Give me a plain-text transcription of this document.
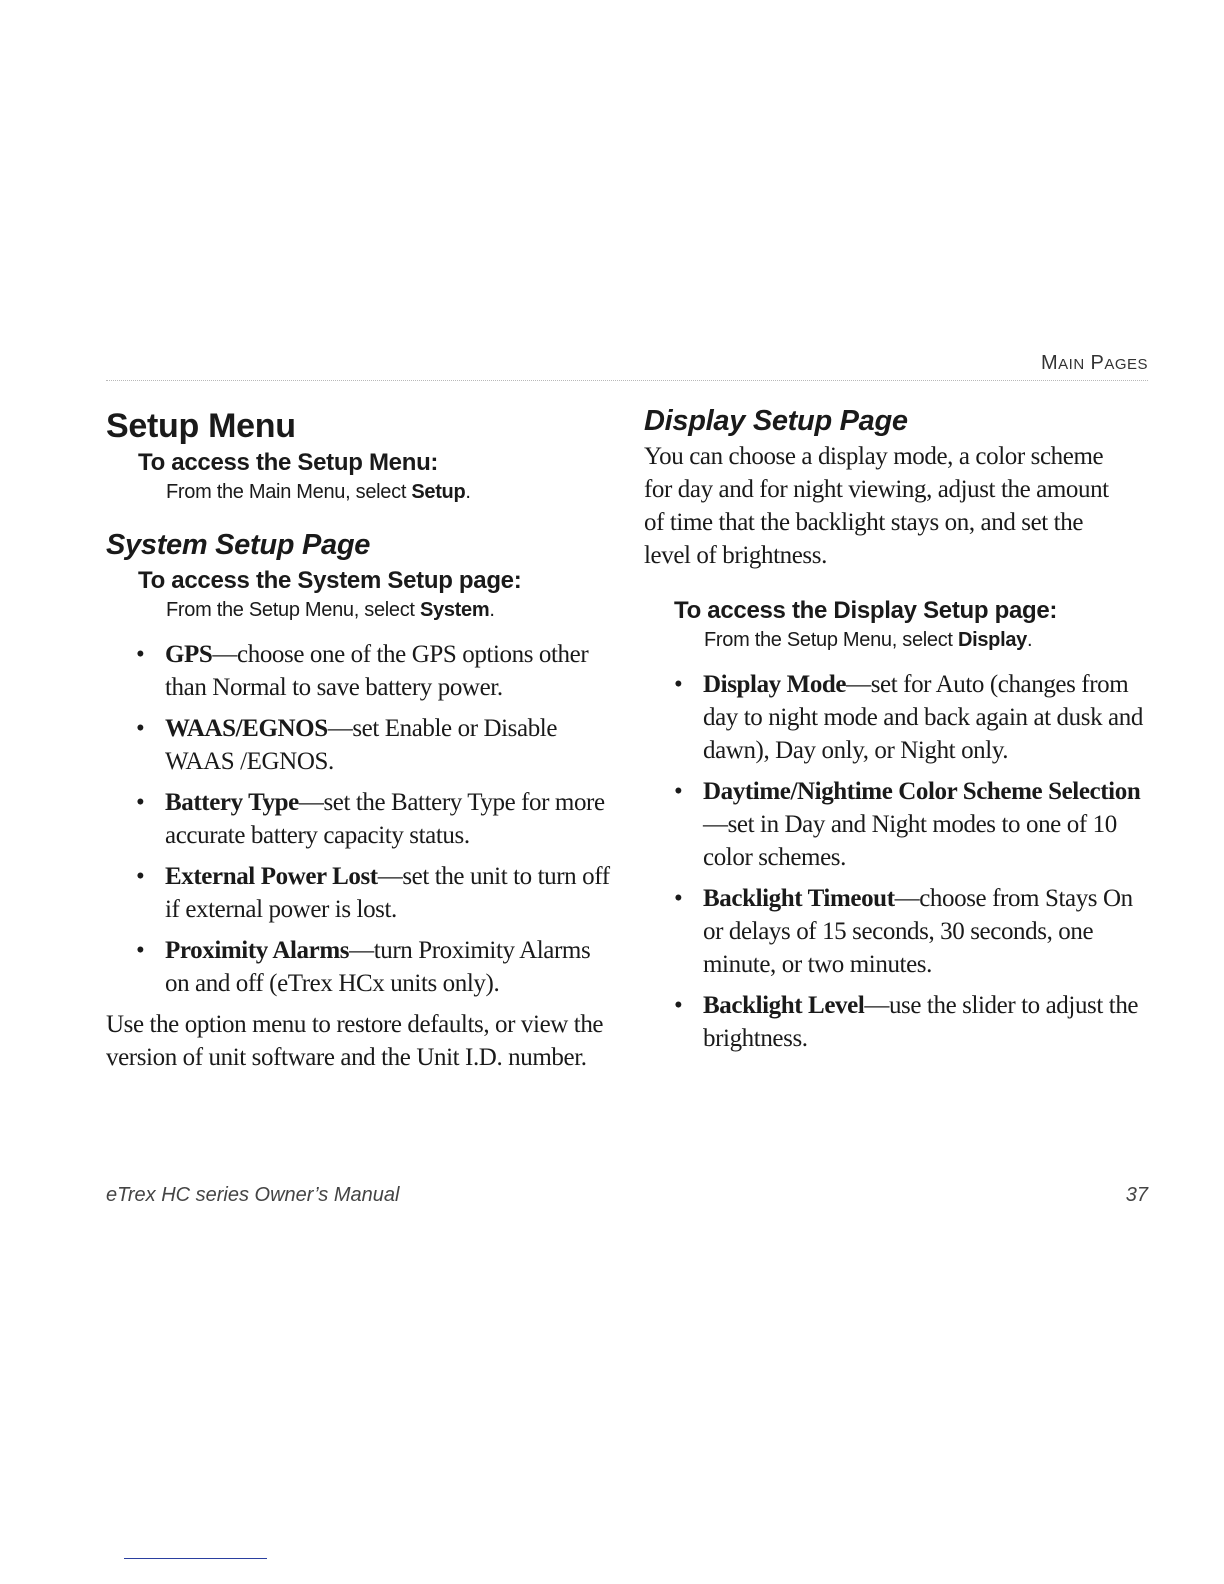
MAIN PAGES
Setup Menu
To access the Setup Menu:

From the Main Menu, select Setup.

System Setup Page
To access the System Setup page:

From the Setup Menu, select System.

• GPS—choose one of the GPS options other than Normal to save battery power.
• WAAS/EGNOS—set Enable or Disable WAAS /EGNOS.
• Battery Type—set the Battery Type for more accurate battery capacity status.
• External Power Lost—set the unit to turn off if external power is lost.
• Proximity Alarms—turn Proximity Alarms on and off (eTrex HCx units only).

Use the option menu to restore defaults, or view the version of unit software and the Unit I.D. number.

Display Setup Page

You can choose a display mode, a color scheme for day and for night viewing, adjust the amount of time that the backlight stays on, and set the level of brightness.

To access the Display Setup page:

From the Setup Menu, select Display.

• Display Mode—set for Auto (changes from day to night mode and back again at dusk and dawn), Day only, or Night only.
• Daytime/Nightime Color Scheme Selection—set in Day and Night modes to one of 10 color schemes.
• Backlight Timeout—choose from Stays On or delays of 15 seconds, 30 seconds, one minute, or two minutes.
• Backlight Level—use the slider to adjust the brightness.
eTrex HC series Owner’s Manual	37
